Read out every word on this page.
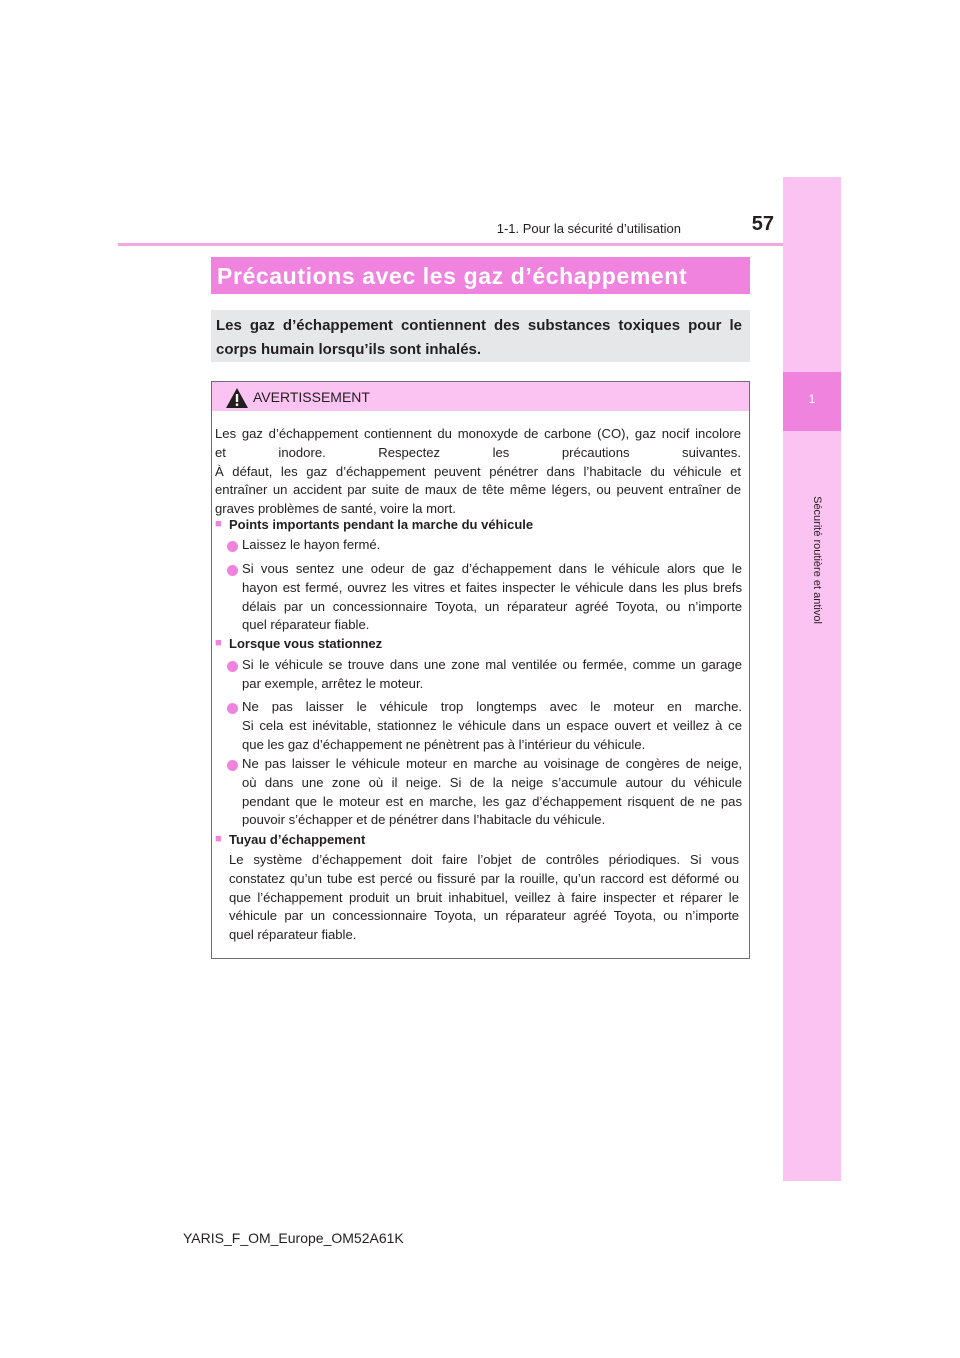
1-1. Pour la sécurité d’utilisation	57
1
Sécurité routière et antivol
Précautions avec les gaz d’échappement
Les gaz d’échappement contiennent des substances toxiques pour le corps humain lorsqu’ils sont inhalés.
AVERTISSEMENT
Les gaz d’échappement contiennent du monoxyde de carbone (CO), gaz nocif incolore
et inodore. Respectez les précautions suivantes.
À défaut, les gaz d’échappement peuvent pénétrer dans l’habitacle du véhicule et
entraîner un accident par suite de maux de tête même légers, ou peuvent entraîner de
graves problèmes de santé, voire la mort.
■ Points importants pendant la marche du véhicule
Laissez le hayon fermé.
Si vous sentez une odeur de gaz d’échappement dans le véhicule alors que le
hayon est fermé, ouvrez les vitres et faites inspecter le véhicule dans les plus brefs
délais par un concessionnaire Toyota, un réparateur agréé Toyota, ou n’importe
quel réparateur fiable.
■ Lorsque vous stationnez
Si le véhicule se trouve dans une zone mal ventilée ou fermée, comme un garage
par exemple, arrêtez le moteur.
Ne pas laisser le véhicule trop longtemps avec le moteur en marche.
Si cela est inévitable, stationnez le véhicule dans un espace ouvert et veillez à ce
que les gaz d’échappement ne pénètrent pas à l’intérieur du véhicule.
Ne pas laisser le véhicule moteur en marche au voisinage de congères de neige,
où dans une zone où il neige. Si de la neige s’accumule autour du véhicule
pendant que le moteur est en marche, les gaz d’échappement risquent de ne pas
pouvoir s’échapper et de pénétrer dans l’habitacle du véhicule.
■ Tuyau d’échappement
Le système d’échappement doit faire l’objet de contrôles périodiques. Si vous
constatez qu’un tube est percé ou fissuré par la rouille, qu’un raccord est déformé ou
que l’échappement produit un bruit inhabituel, veillez à faire inspecter et réparer le
véhicule par un concessionnaire Toyota, un réparateur agréé Toyota, ou n’importe
quel réparateur fiable.
YARIS_F_OM_Europe_OM52A61K
